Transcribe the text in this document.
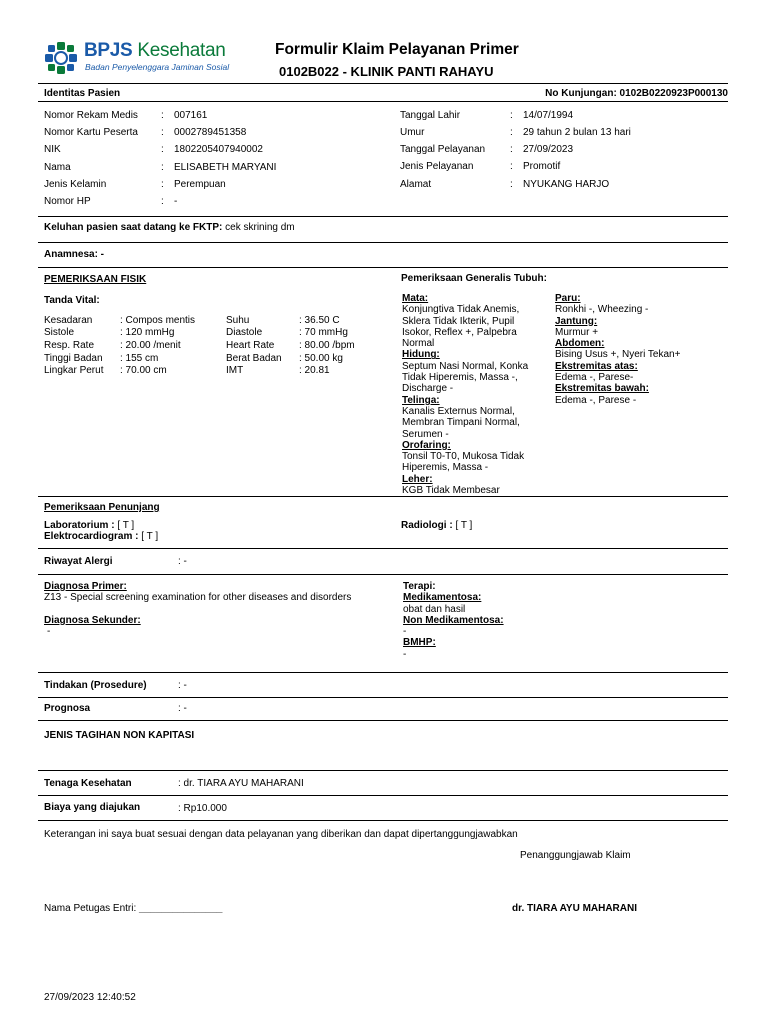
BPJS Kesehatan
Badan Penyelenggara Jaminan Sosial
Formulir Klaim Pelayanan Primer
0102B022 - KLINIK PANTI RAHAYU
Identitas Pasien	No Kunjungan: 0102B0220923P000130
Nomor Rekam Medis : 007161
Nomor Kartu Peserta : 0002789451358
NIK	: 1802205407940002
Nama	: ELISABETH MARYANI
Jenis Kelamin	: Perempuan
Nomor HP	: -
Tanggal Lahir	: 14/07/1994
Umur	: 29 tahun 2 bulan 13 hari
Tanggal Pelayanan : 27/09/2023
Jenis Pelayanan	: Promotif
Alamat	: NYUKANG HARJO
Keluhan pasien saat datang ke FKTP: cek skrining dm
Anamnesa: -
PEMERIKSAAN FISIK
Tanda Vital:
Kesadaran	: Compos mentis
Sistole	: 120 mmHg
Resp. Rate	: 20.00 /menit
Tinggi Badan : 155 cm
Lingkar Perut : 70.00 cm
Suhu	: 36.50 C
Diastole	: 70 mmHg
Heart Rate : 80.00 /bpm
Berat Badan : 50.00 kg
IMT	: 20.81
Pemeriksaan Generalis Tubuh:
Mata:
Konjungtiva Tidak Anemis,
Sklera Tidak Ikterik, Pupil
Isokor, Reflex +, Palpebra
Normal
Hidung:
Septum Nasi Normal, Konka
Tidak Hiperemis, Massa -,
Discharge -
Telinga:
Kanalis Externus Normal,
Membran Timpani Normal,
Serumen -
Orofaring:
Tonsil T0-T0, Mukosa Tidak
Hiperemis, Massa -
Leher:
KGB Tidak Membesar
Paru:
Ronkhi -, Wheezing -
Jantung:
Murmur +
Abdomen:
Bising Usus +, Nyeri Tekan+
Ekstremitas atas:
Edema -, Parese-
Ekstremitas bawah:
Edema -, Parese -
Pemeriksaan Penunjang
Laboratorium : [ T ]
Elektrocardiogram : [ T ]
Radiologi : [ T ]
Riwayat Alergi	: -
Diagnosa Primer:
Z13 - Special screening examination for other diseases and disorders
Diagnosa Sekunder:
-
Terapi:
Medikamentosa:
obat dan hasil
Non Medikamentosa:
-
BMHP:
-
Tindakan (Prosedure)	: -
Prognosa	: -
JENIS TAGIHAN NON KAPITASI
Tenaga Kesehatan	: dr. TIARA AYU MAHARANI
Biaya yang diajukan	: Rp10.000
Keterangan ini saya buat sesuai dengan data pelayanan yang diberikan dan dapat dipertanggungjawabkan
Penanggungjawab Klaim
Nama Petugas Entri: _______________	dr. TIARA AYU MAHARANI
27/09/2023 12:40:52
